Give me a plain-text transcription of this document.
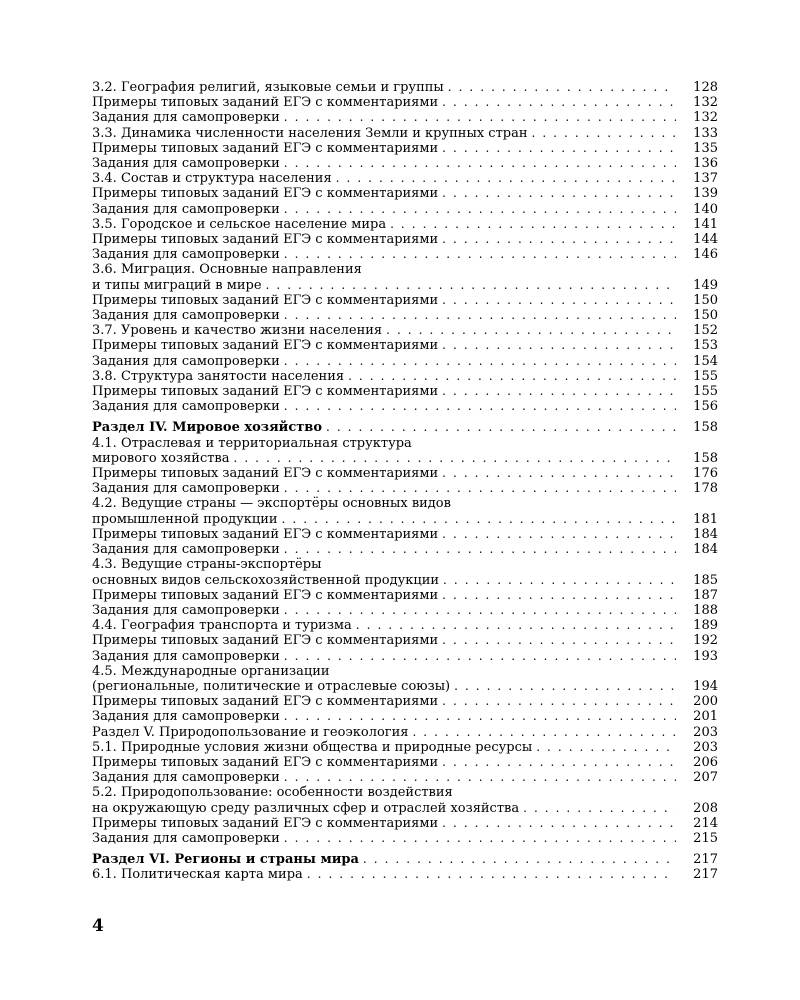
3.2. География религий, языковые семьи и группы . . .	128
Примеры типовых заданий ЕГЭ с комментариями . . .	132
Задания для самопроверки . . .	132
3.3. Динамика численности населения Земли и крупных стран . . .	133
Примеры типовых заданий ЕГЭ с комментариями . . .	135
Задания для самопроверки . . .	136
3.4. Состав и структура населения . . .	137
Примеры типовых заданий ЕГЭ с комментариями . . .	139
Задания для самопроверки . . .	140
3.5. Городское и сельское население мира . . .	141
Примеры типовых заданий ЕГЭ с комментариями . . .	144
Задания для самопроверки . . .	146
3.6. Миграция. Основные направления
и типы миграций в мире . . .	149
Примеры типовых заданий ЕГЭ с комментариями . . .	150
Задания для самопроверки . . .	150
3.7. Уровень и качество жизни населения . . .	152
Примеры типовых заданий ЕГЭ с комментариями . . .	153
Задания для самопроверки . . .	154
3.8. Структура занятости населения . . .	155
Примеры типовых заданий ЕГЭ с комментариями . . .	155
Задания для самопроверки . . .	156
Раздел IV. Мировое хозяйство . . .	158
4.1. Отраслевая и территориальная структура
мирового хозяйства . . .	158
Примеры типовых заданий ЕГЭ с комментариями . . .	176
Задания для самопроверки . . .	178
4.2. Ведущие страны — экспортёры основных видов
промышленной продукции . . .	181
Примеры типовых заданий ЕГЭ с комментариями . . .	184
Задания для самопроверки . . .	184
4.3. Ведущие страны-экспортёры
основных видов сельскохозяйственной продукции . . .	185
Примеры типовых заданий ЕГЭ с комментариями . . .	187
Задания для самопроверки . . .	188
4.4. География транспорта и туризма . . .	189
Примеры типовых заданий ЕГЭ с комментариями . . .	192
Задания для самопроверки . . .	193
4.5. Международные организации
(региональные, политические и отраслевые союзы) . . .	194
Примеры типовых заданий ЕГЭ с комментариями . . .	200
Задания для самопроверки . . .	201
Раздел V. Природопользование и геоэкология . . .	203
5.1. Природные условия жизни общества и природные ресурсы . . .	203
Примеры типовых заданий ЕГЭ с комментариями . . .	206
Задания для самопроверки . . .	207
5.2. Природопользование: особенности воздействия
на окружающую среду различных сфер и отраслей хозяйства . . .	208
Примеры типовых заданий ЕГЭ с комментариями . . .	214
Задания для самопроверки . . .	215
Раздел VI. Регионы и страны мира . . .	217
6.1. Политическая карта мира . . .	217
4
